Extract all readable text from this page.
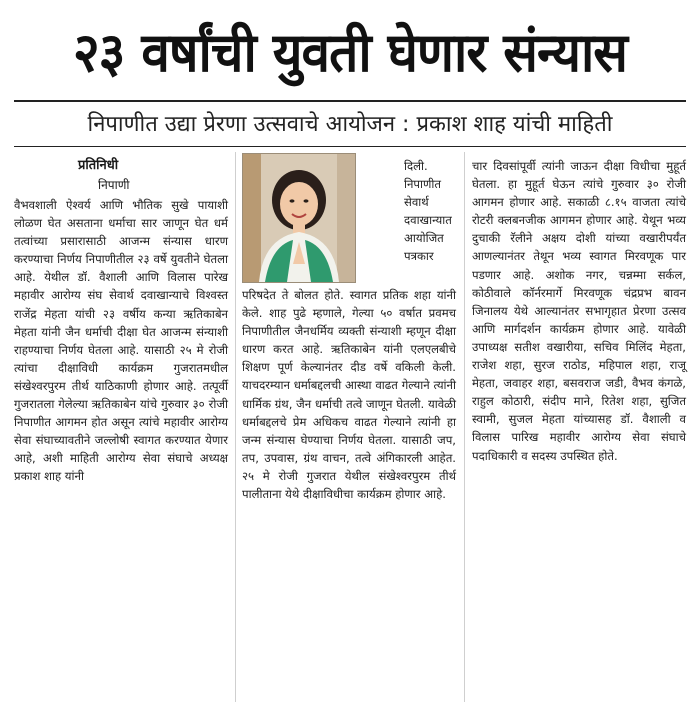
२३ वर्षांची युवती घेणार संन्यास
निपाणीत उद्या प्रेरणा उत्सवाचे आयोजन : प्रकाश शाह यांची माहिती
प्रतिनिधी
निपाणी

वैभवशाली ऐश्वर्य आणि भौतिक सुखे पायाशी लोळण घेत असताना धर्माचा सार जाणून घेत धर्म तत्वांच्या प्रसारासाठी आजन्म संन्यास धारण करण्याचा निर्णय निपाणीतील २३ वर्षे युवतीने घेतला आहे. येथील डॉ. वैशाली आणि विलास पारेख महावीर आरोग्य संघ सेवार्थ दवाखान्याचे विश्वस्त राजेंद्र मेहता यांची २३ वर्षीय कन्या ऋतिकाबेन मेहता यांनी जैन धर्माची दीक्षा घेत आजन्म संन्याशी राहण्याचा निर्णय घेतला आहे. यासाठी २५ मे रोजी त्यांचा दीक्षाविधी कार्यक्रम गुजरातमधील संखेश्वरपुरम तीर्थ याठिकाणी होणार आहे. तत्पूर्वी गुजरातला गेलेल्या ऋतिकाबेन यांचे गुरुवार ३० रोजी निपाणीत आगमन होत असून त्यांचे महावीर आरोग्य सेवा संघाच्यावतीने जल्लोषी स्वागत करण्यात येणार आहे, अशी माहिती आरोग्य सेवा संघाचे अध्यक्ष प्रकाश शाह यांनी

दिली. निपाणीत सेवार्थ दवाखान्यात आयोजित पत्रकार

परिषदेत ते बोलत होते. स्वागत प्रतिक शहा यांनी केले. शाह पुढे म्हणाले, गेल्या ५० वर्षात प्रवमच निपाणीतील जैनधर्मिय व्यक्ती संन्याशी म्हणून दीक्षा धारण करत आहे. ऋतिकाबेन यांनी एलएलबीचे शिक्षण पूर्ण केल्यानंतर दीड वर्षे वकिली केली. याचदरम्यान धर्माबद्दलची आस्था वाढत गेल्याने त्यांनी धार्मिक ग्रंथ, जैन धर्माची तत्वे जाणून घेतली. यावेळी धर्माबद्दलचे प्रेम अधिकच वाढत गेल्याने त्यांनी हा जन्म संन्यास घेण्याचा निर्णय घेतला. यासाठी जप, तप, उपवास, ग्रंथ वाचन, तत्वे अंगिकारली आहेत. २५ मे रोजी गुजरात येथील संखेश्वरपुरम तीर्थ पालीताना येथे दीक्षाविधीचा कार्यक्रम होणार आहे.

चार दिवसांपूर्वी त्यांनी जाऊन दीक्षा विधीचा मुहूर्त घेतला. हा मुहूर्त घेऊन त्यांचे गुरुवार ३० रोजी आगमन होणार आहे. सकाळी ८.१५ वाजता त्यांचे रोटरी क्लबनजीक आगमन होणार आहे. येथून भव्य दुचाकी रॅलीने अक्षय दोशी यांच्या वखारीपर्यंत आणल्यानंतर तेथून भव्य स्वागत मिरवणूक पार पडणार आहे. अशोक नगर, चन्नम्मा सर्कल, कोठीवाले कॉर्नरमार्गे मिरवणूक चंद्रप्रभ बावन जिनालय येथे आल्यानंतर सभागृहात प्रेरणा उत्सव आणि मार्गदर्शन कार्यक्रम होणार आहे. यावेळी उपाध्यक्ष सतीश वखारीया, सचिव मिलिंद मेहता, राजेश शहा, सुरज राठोड, महिपाल शहा, राजू मेहता, जवाहर शहा, बसवराज जडी, वैभव कंगळे, राहुल कोठारी, संदीप माने, रितेश शहा, सुजित स्वामी, सुजल मेहता यांच्यासह डॉ. वैशाली व विलास पारिख महावीर आरोग्य सेवा संघाचे पदाधिकारी व सदस्य उपस्थित होते.
